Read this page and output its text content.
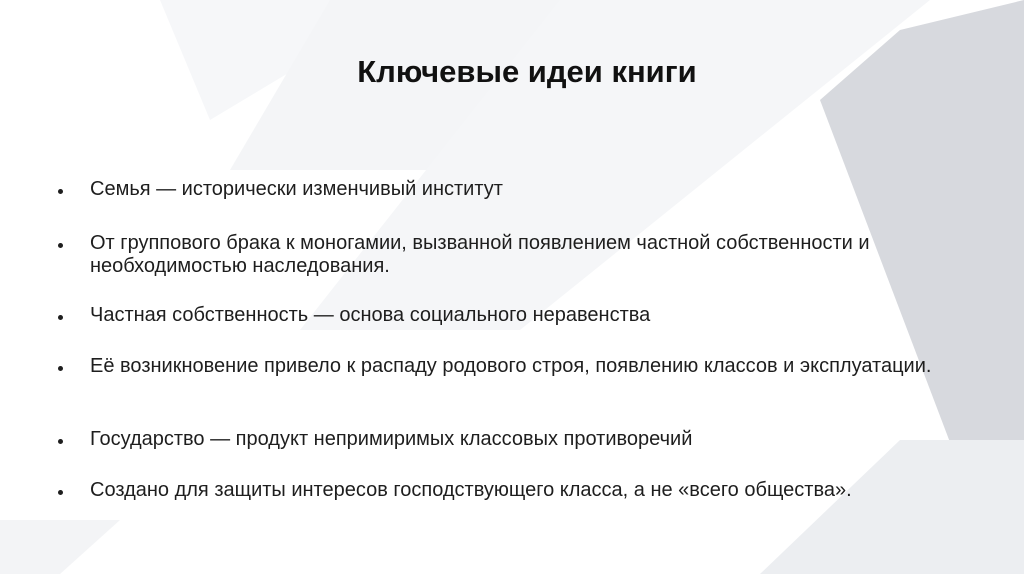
Ключевые идеи книги
Семья — исторически изменчивый институт
От группового брака к моногамии, вызванной появлением частной собственности и необходимостью наследования.
Частная собственность — основа социального неравенства
Её возникновение привело к распаду родового строя, появлению классов и эксплуатации.
Государство — продукт непримиримых классовых противоречий
Создано для защиты интересов господствующего класса, а не «всего общества».
